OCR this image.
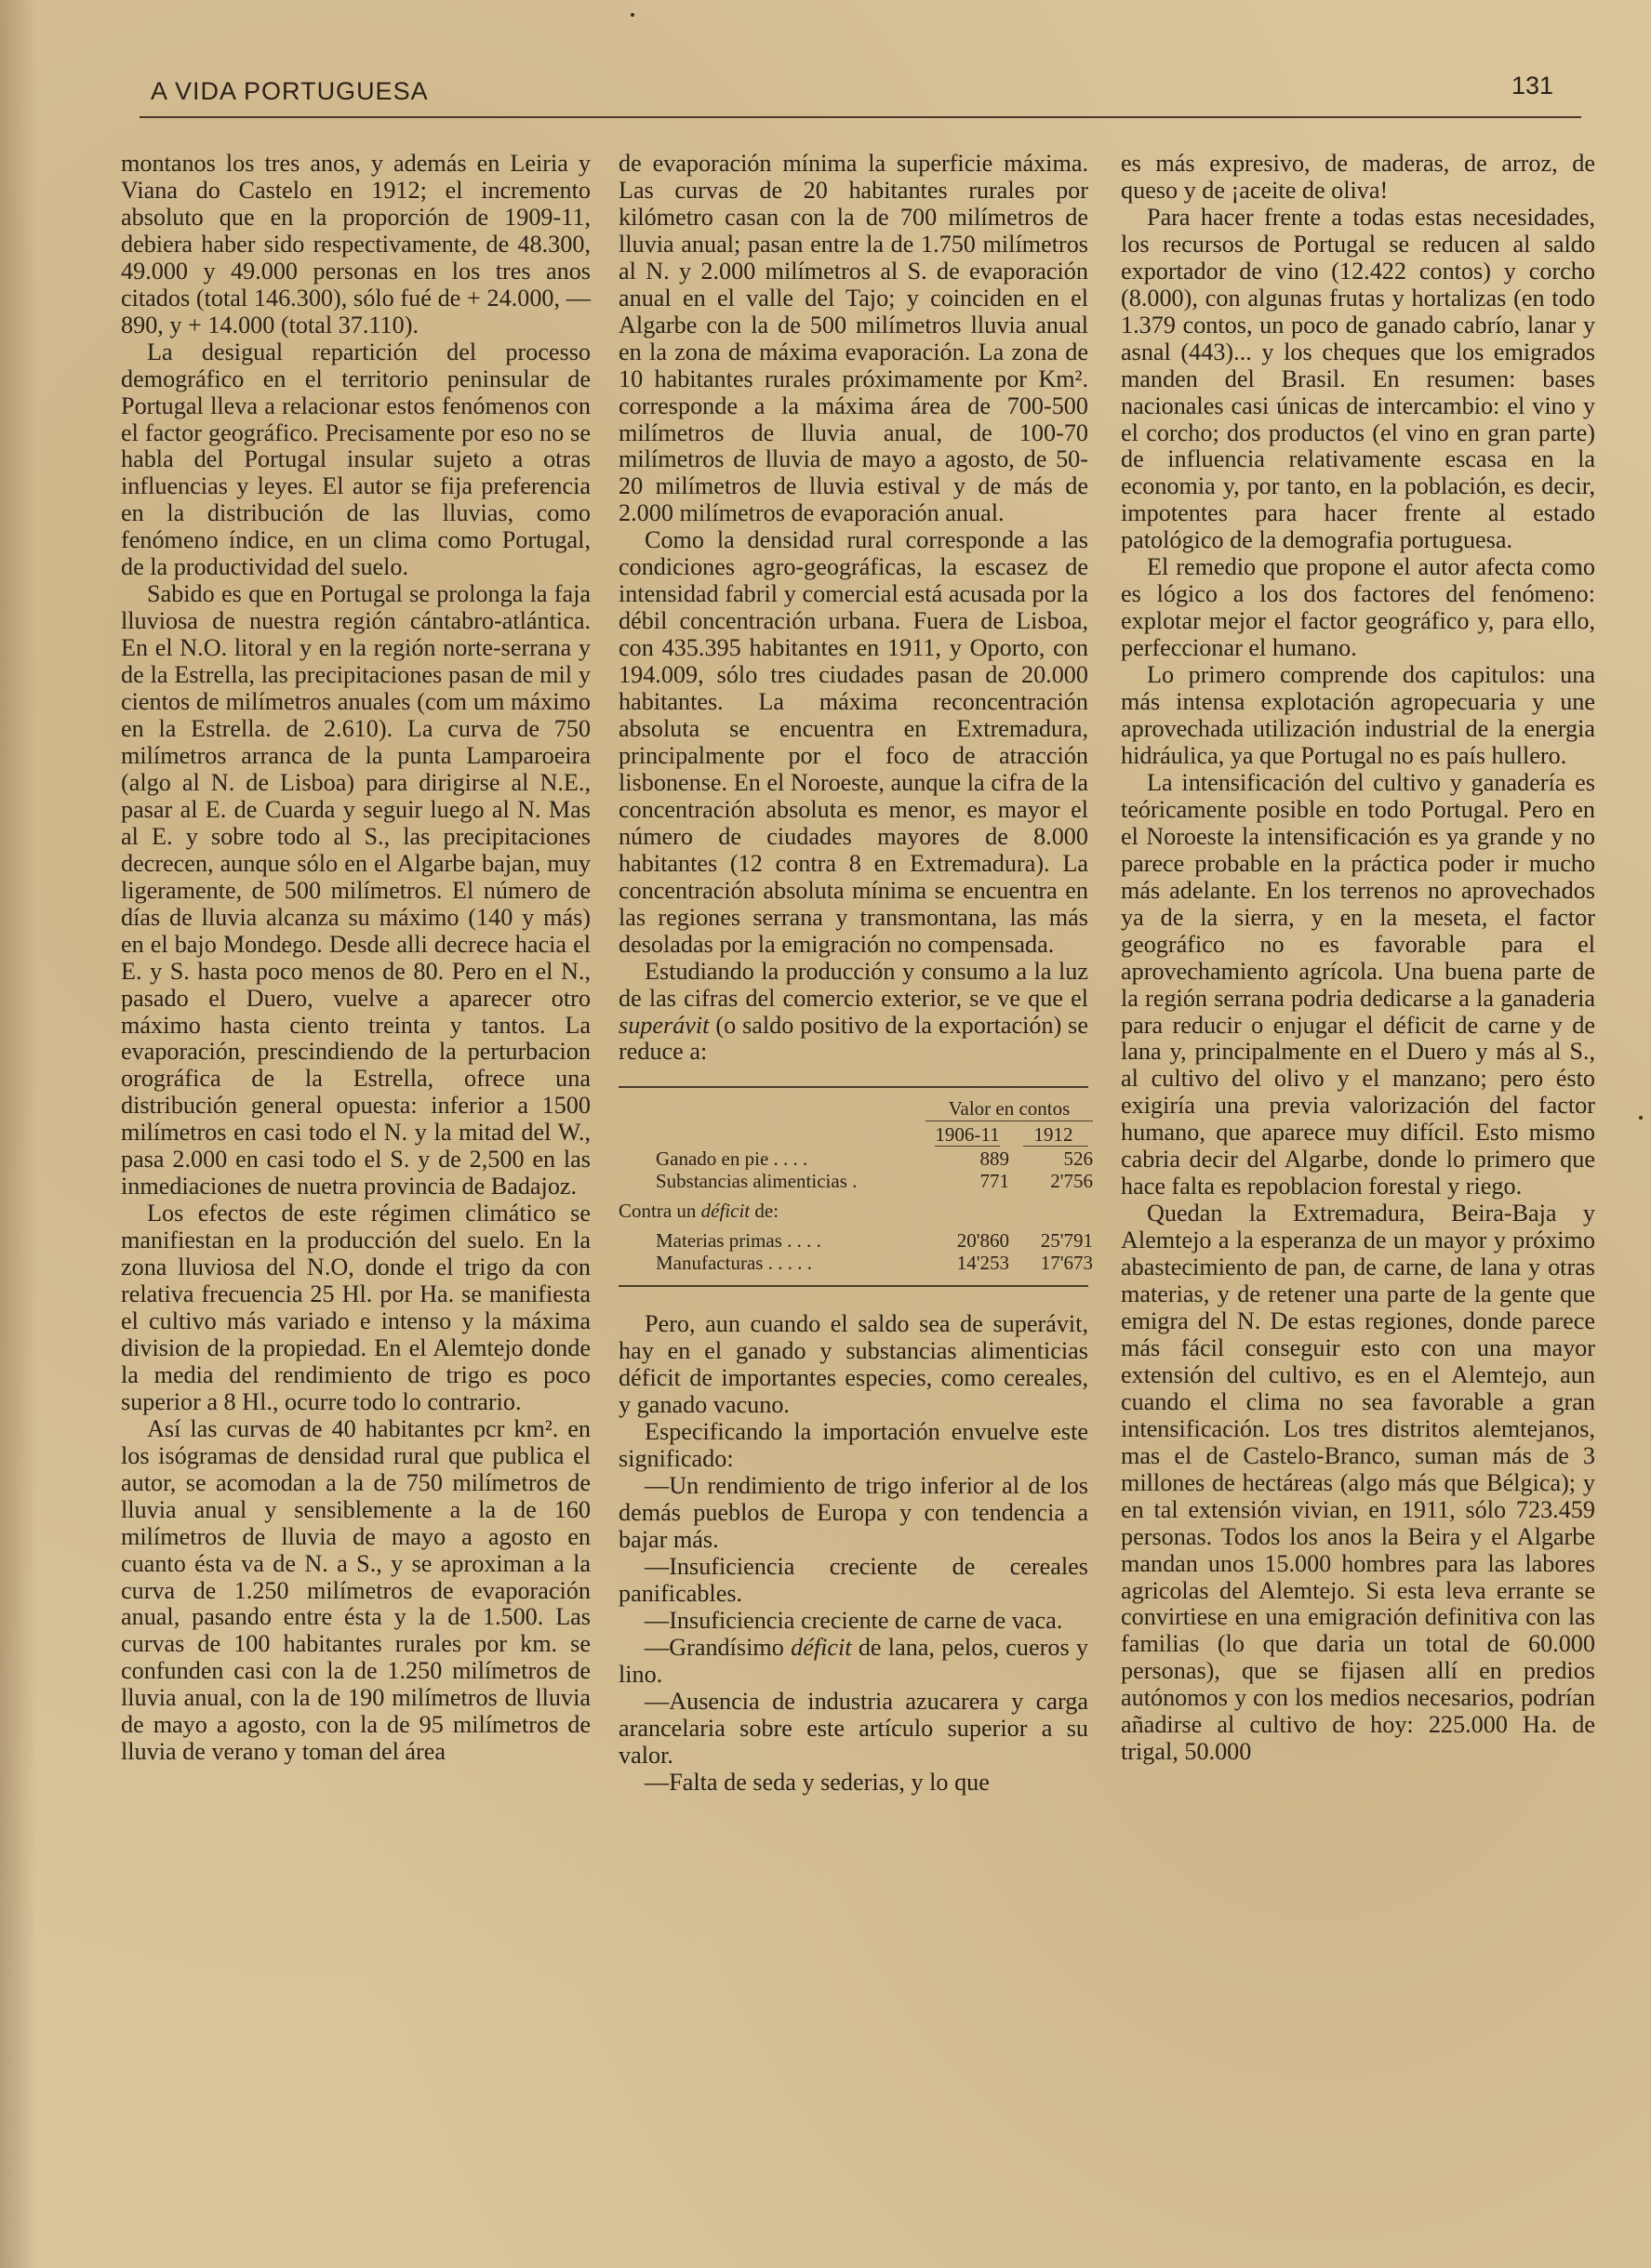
A VIDA PORTUGUESA	131

montanos los tres anos, y además en Leiria y Viana do Castelo en 1912; el incremento absoluto que en la proporción de 1909-11, debiera haber sido respectivamente, de 48.300, 49.000 y 49.000 personas en los tres anos citados (total 146.300), sólo fué de + 24.000, — 890, y + 14.000 (total 37.110).

La desigual repartición del processo demográfico en el territorio peninsular de Portugal lleva a relacionar estos fenómenos con el factor geográfico. Precisamente por eso no se habla del Portugal insular sujeto a otras influencias y leyes. El autor se fija preferencia en la distribución de las lluvias, como fenómeno índice, en un clima como Portugal, de la productividad del suelo.

Sabido es que en Portugal se prolonga la faja lluviosa de nuestra región cántabro-atlántica. En el N.O. litoral y en la región norte-serrana y de la Estrella, las precipitaciones pasan de mil y cientos de milímetros anuales (com um máximo en la Estrella. de 2.610). La curva de 750 milímetros arranca de la punta Lamparoeira (algo al N. de Lisboa) para dirigirse al N.E., pasar al E. de Cuarda y seguir luego al N. Mas al E. y sobre todo al S., las precipitaciones decrecen, aunque sólo en el Algarbe bajan, muy ligeramente, de 500 milímetros. El número de días de lluvia alcanza su máximo (140 y más) en el bajo Mondego. Desde alli decrece hacia el E. y S. hasta poco menos de 80. Pero en el N., pasado el Duero, vuelve a aparecer otro máximo hasta ciento treinta y tantos. La evaporación, prescindiendo de la perturbacion orográfica de la Estrella, ofrece una distribución general opuesta: inferior a 1500 milímetros en casi todo el N. y la mitad del W., pasa 2.000 en casi todo el S. y de 2,500 en las inmediaciones de nuetra provincia de Badajoz.

Los efectos de este régimen climático se manifiestan en la producción del suelo. En la zona lluviosa del N.O, donde el trigo da con relativa frecuencia 25 Hl. por Ha. se manifiesta el cultivo más variado e intenso y la máxima division de la propiedad. En el Alemtejo donde la media del rendimiento de trigo es poco superior a 8 Hl., ocurre todo lo contrario.

Así las curvas de 40 habitantes pcr km². en los isógramas de densidad rural que publica el autor, se acomodan a la de 750 milímetros de lluvia anual y sensiblemente a la de 160 milímetros de lluvia de mayo a agosto en cuanto ésta va de N. a S., y se aproximan a la curva de 1.250 milímetros de evaporación anual, pasando entre ésta y la de 1.500. Las curvas de 100 habitantes rurales por km. se confunden casi con la de 1.250 milímetros de lluvia anual, con la de 190 milímetros de lluvia de mayo a agosto, con la de 95 milímetros de lluvia de verano y toman del área

de evaporación mínima la superficie máxima. Las curvas de 20 habitantes rurales por kilómetro casan con la de 700 milímetros de lluvia anual; pasan entre la de 1.750 milímetros al N. y 2.000 milímetros al S. de evaporación anual en el valle del Tajo; y coinciden en el Algarbe con la de 500 milímetros lluvia anual en la zona de máxima evaporación. La zona de 10 habitantes rurales próximamente por Km². corresponde a la máxima área de 700-500 milímetros de lluvia anual, de 100-70 milímetros de lluvia de mayo a agosto, de 50-20 milímetros de lluvia estival y de más de 2.000 milímetros de evaporación anual.

Como la densidad rural corresponde a las condiciones agro-geográficas, la escasez de intensidad fabril y comercial está acusada por la débil concentración urbana. Fuera de Lisboa, con 435.395 habitantes en 1911, y Oporto, con 194.009, sólo tres ciudades pasan de 20.000 habitantes. La máxima reconcentración absoluta se encuentra en Extremadura, principalmente por el foco de atracción lisbonense. En el Noroeste, aunque la cifra de la concentración absoluta es menor, es mayor el número de ciudades mayores de 8.000 habitantes (12 contra 8 en Extremadura). La concentración absoluta mínima se encuentra en las regiones serrana y transmontana, las más desoladas por la emigración no compensada.

Estudiando la producción y consumo a la luz de las cifras del comercio exterior, se ve que el superávit (o saldo positivo de la exportación) se reduce a:

Valor en contos
1906-11	1912
Ganado en pie . . . .	889	526
Substancias alimenticias .	771	2'756
Contra un déficit de:
Materias primas . . . .	20'860	25'791
Manufacturas . . . . .	14'253	17'673

Pero, aun cuando el saldo sea de superávit, hay en el ganado y substancias alimenticias déficit de importantes especies, como cereales, y ganado vacuno.

Especificando la importación envuelve este significado:

—Un rendimiento de trigo inferior al de los demás pueblos de Europa y con tendencia a bajar más.

—Insuficiencia creciente de cereales panificables.

—Insuficiencia creciente de carne de vaca.

—Grandísimo déficit de lana, pelos, cueros y lino.

—Ausencia de industria azucarera y carga arancelaria sobre este artículo superior a su valor.

—Falta de seda y sederias, y lo que

es más expresivo, de maderas, de arroz, de queso y de ¡aceite de oliva!

Para hacer frente a todas estas necesidades, los recursos de Portugal se reducen al saldo exportador de vino (12.422 contos) y corcho (8.000), con algunas frutas y hortalizas (en todo 1.379 contos, un poco de ganado cabrío, lanar y asnal (443)... y los cheques que los emigrados manden del Brasil. En resumen: bases nacionales casi únicas de intercambio: el vino y el corcho; dos productos (el vino en gran parte) de influencia relativamente escasa en la economia y, por tanto, en la población, es decir, impotentes para hacer frente al estado patológico de la demografia portuguesa.

El remedio que propone el autor afecta como es lógico a los dos factores del fenómeno: explotar mejor el factor geográfico y, para ello, perfeccionar el humano.

Lo primero comprende dos capitulos: una más intensa explotación agropecuaria y une aprovechada utilización industrial de la energia hidráulica, ya que Portugal no es país hullero.

La intensificación del cultivo y ganadería es teóricamente posible en todo Portugal. Pero en el Noroeste la intensificación es ya grande y no parece probable en la práctica poder ir mucho más adelante. En los terrenos no aprovechados ya de la sierra, y en la meseta, el factor geográfico no es favorable para el aprovechamiento agrícola. Una buena parte de la región serrana podria dedicarse a la ganaderia para reducir o enjugar el déficit de carne y de lana y, principalmente en el Duero y más al S., al cultivo del olivo y el manzano; pero ésto exigiría una previa valorización del factor humano, que aparece muy difícil. Esto mismo cabria decir del Algarbe, donde lo primero que hace falta es repoblacion forestal y riego.

Quedan la Extremadura, Beira-Baja y Alemtejo a la esperanza de un mayor y próximo abastecimiento de pan, de carne, de lana y otras materias, y de retener una parte de la gente que emigra del N. De estas regiones, donde parece más fácil conseguir esto con una mayor extensión del cultivo, es en el Alemtejo, aun cuando el clima no sea favorable a gran intensificación. Los tres distritos alemtejanos, mas el de Castelo-Branco, suman más de 3 millones de hectáreas (algo más que Bélgica); y en tal extensión vivian, en 1911, sólo 723.459 personas. Todos los anos la Beira y el Algarbe mandan unos 15.000 hombres para las labores agricolas del Alemtejo. Si esta leva errante se convirtiese en una emigración definitiva con las familias (lo que daria un total de 60.000 personas), que se fijasen allí en predios autónomos y con los medios necesarios, podrían añadirse al cultivo de hoy: 225.000 Ha. de trigal, 50.000
